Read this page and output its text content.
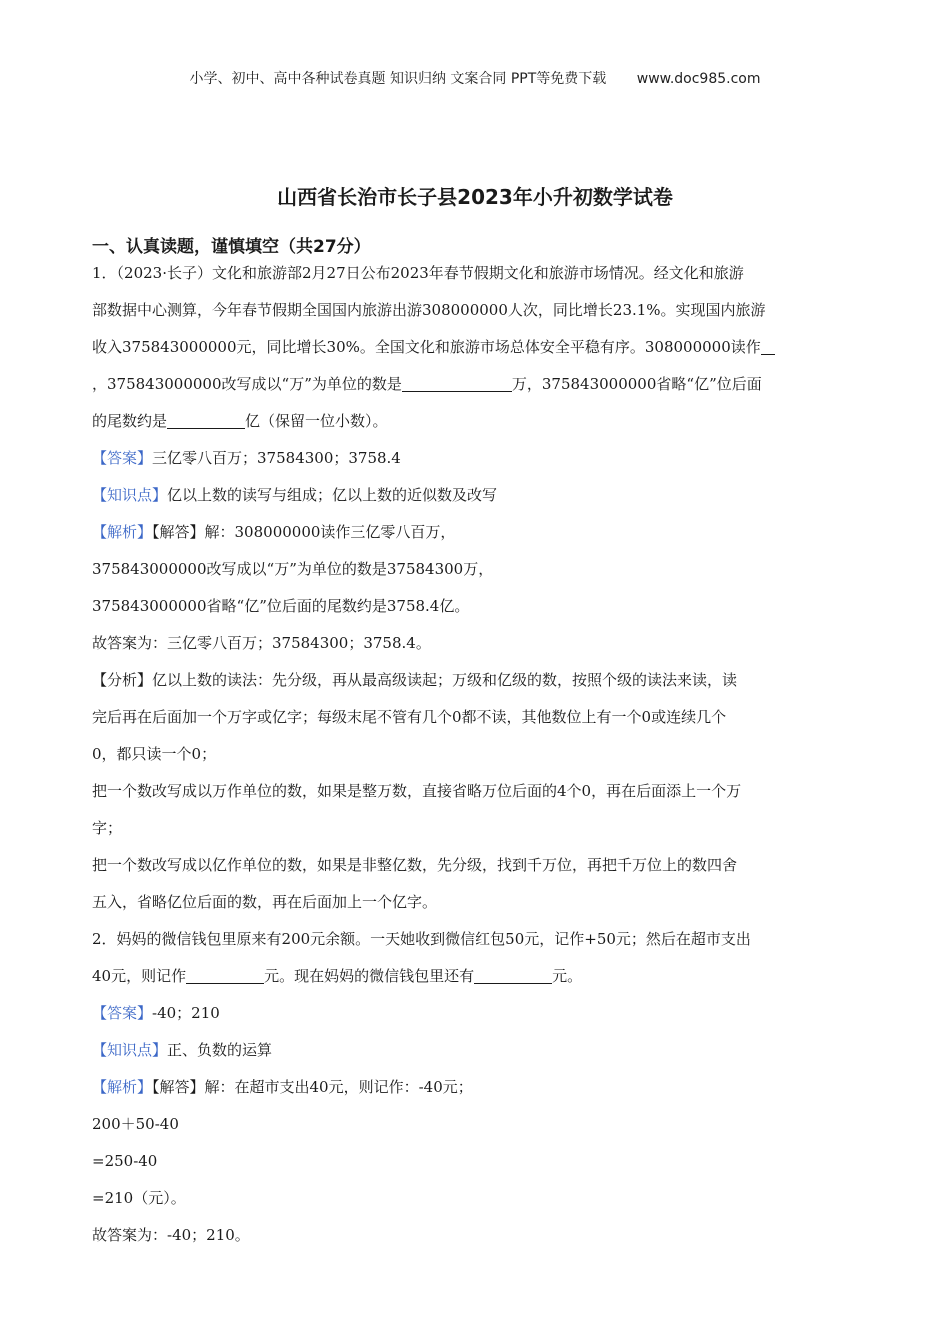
小学、初中、高中各种试卷真题 知识归纳 文案合同 PPT等免费下载 www.doc985.com
山西省长治市长子县2023年小升初数学试卷
一、认真读题，谨慎填空（共27分）

1．（2023·长子）文化和旅游部2月27日公布2023年春节假期文化和旅游市场情况。经文化和旅游

部数据中心测算，今年春节假期全国国内旅游出游308000000人次，同比增长23.1%。实现国内旅游

收入375843000000元，同比增长30%。全国文化和旅游市场总体安全平稳有序。308000000读作

，375843000000改写成以“万”为单位的数是	万，375843000000省略“亿”位后面

的尾数约是	亿（保留一位小数）。

【答案】三亿零八百万；37584300；3758.4

【知识点】亿以上数的读写与组成；亿以上数的近似数及改写

【解析】【解答】解：308000000读作三亿零八百万，

375843000000改写成以“万”为单位的数是37584300万，

375843000000省略“亿”位后面的尾数约是3758.4亿。

故答案为：三亿零八百万；37584300；3758.4。

【分析】亿以上数的读法：先分级，再从最高级读起；万级和亿级的数，按照个级的读法来读，读

完后再在后面加一个万字或亿字；每级末尾不管有几个0都不读，其他数位上有一个0或连续几个

0，都只读一个0；

把一个数改写成以万作单位的数，如果是整万数，直接省略万位后面的4个0，再在后面添上一个万

字；

把一个数改写成以亿作单位的数，如果是非整亿数，先分级，找到千万位，再把千万位上的数四舍

五入，省略亿位后面的数，再在后面加上一个亿字。

2．妈妈的微信钱包里原来有200元余额。一天她收到微信红包50元，记作+50元；然后在超市支出

40元，则记作	元。现在妈妈的微信钱包里还有	元。

【答案】-40；210

【知识点】正、负数的运算

【解析】【解答】解：在超市支出40元，则记作：-40元；

200＋50-40

=250-40

=210（元）。

故答案为：-40；210。
